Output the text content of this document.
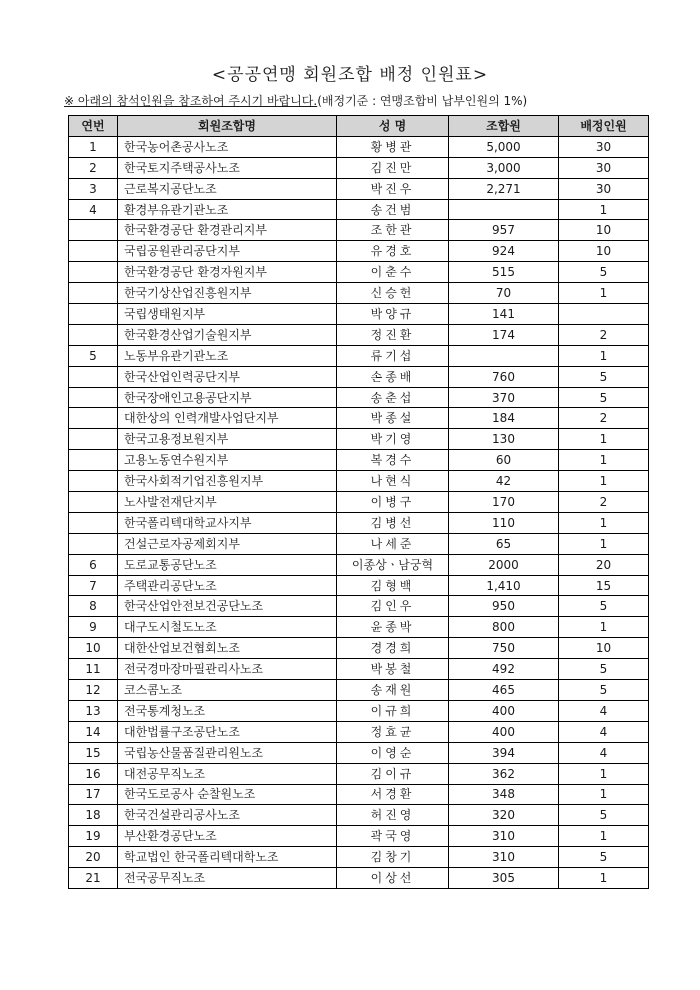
<공공연맹 회원조합 배정 인원표>
※ 아래의 참석인원을 참조하여 주시기 바랍니다.(배정기준 : 연맹조합비 납부인원의 1%)
연번	회원조합명	성 명	조합원	배정인원
1	한국농어촌공사노조	황병관	5,000	30
2	한국토지주택공사노조	김진만	3,000	30
3	근로복지공단노조	박진우	2,271	30
4	환경부유관기관노조	송건범		1
	한국환경공단 환경관리지부	조한관	957	10
	국립공원관리공단지부	유경호	924	10
	한국환경공단 환경자원지부	이춘수	515	5
	한국기상산업진흥원지부	신승헌	70	1
	국립생태원지부	박양규	141	
	한국환경산업기술원지부	정진환	174	2
5	노동부유관기관노조	류기섭		1
	한국산업인력공단지부	손종배	760	5
	한국장애인고용공단지부	송춘섭	370	5
	대한상의 인력개발사업단지부	박종설	184	2
	한국고용정보원지부	박기영	130	1
	고용노동연수원지부	복경수	60	1
	한국사회적기업진흥원지부	나현식	42	1
	노사발전재단지부	이병구	170	2
	한국폴리텍대학교사지부	김병선	110	1
	건설근로자공제회지부	나세준	65	1
6	도로교통공단노조	이종상ㆍ남궁혁	2000	20
7	주택관리공단노조	김형백	1,410	15
8	한국산업안전보건공단노조	김인우	950	5
9	대구도시철도노조	윤종박	800	1
10	대한산업보건협회노조	경경희	750	10
11	전국경마장마필관리사노조	박봉철	492	5
12	코스콤노조	송재원	465	5
13	전국통계청노조	이규희	400	4
14	대한법률구조공단노조	정효균	400	4
15	국립농산물품질관리원노조	이영순	394	4
16	대전공무직노조	김이규	362	1
17	한국도로공사 순찰원노조	서경환	348	1
18	한국건설관리공사노조	허진영	320	5
19	부산환경공단노조	곽국영	310	1
20	학교법인 한국폴리텍대학노조	김창기	310	5
21	전국공무직노조	이상선	305	1
